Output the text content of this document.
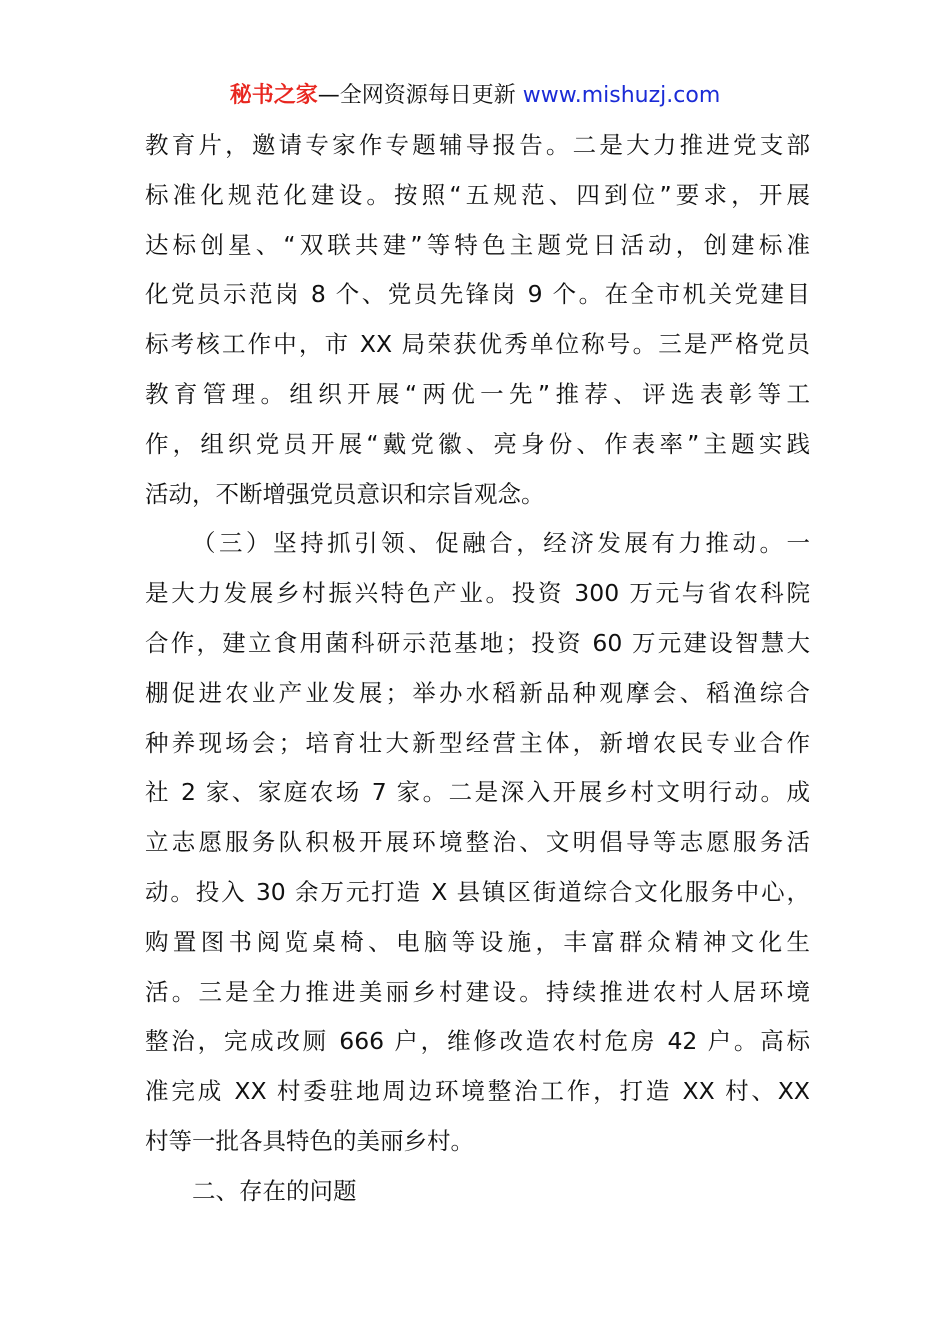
秘书之家—全网资源每日更新 www.mishuzj.com
教育片，邀请专家作专题辅导报告。二是大力推进党支部
标准化规范化建设。按照“五规范、四到位”要求，开展
达标创星、“双联共建”等特色主题党日活动，创建标准
化党员示范岗 8 个、党员先锋岗 9 个。在全市机关党建目
标考核工作中，市 XX 局荣获优秀单位称号。三是严格党员
教育管理。组织开展“两优一先”推荐、评选表彰等工
作，组织党员开展“戴党徽、亮身份、作表率”主题实践
活动，不断增强党员意识和宗旨观念。
（三）坚持抓引领、促融合，经济发展有力推动。一
是大力发展乡村振兴特色产业。投资 300 万元与省农科院
合作，建立食用菌科研示范基地；投资 60 万元建设智慧大
棚促进农业产业发展；举办水稻新品种观摩会、稻渔综合
种养现场会；培育壮大新型经营主体，新增农民专业合作
社 2 家、家庭农场 7 家。二是深入开展乡村文明行动。成
立志愿服务队积极开展环境整治、文明倡导等志愿服务活
动。投入 30 余万元打造 X 县镇区街道综合文化服务中心，
购置图书阅览桌椅、电脑等设施，丰富群众精神文化生
活。三是全力推进美丽乡村建设。持续推进农村人居环境
整治，完成改厕 666 户，维修改造农村危房 42 户。高标
准完成 XX 村委驻地周边环境整治工作，打造 XX 村、XX
村等一批各具特色的美丽乡村。
二、存在的问题
